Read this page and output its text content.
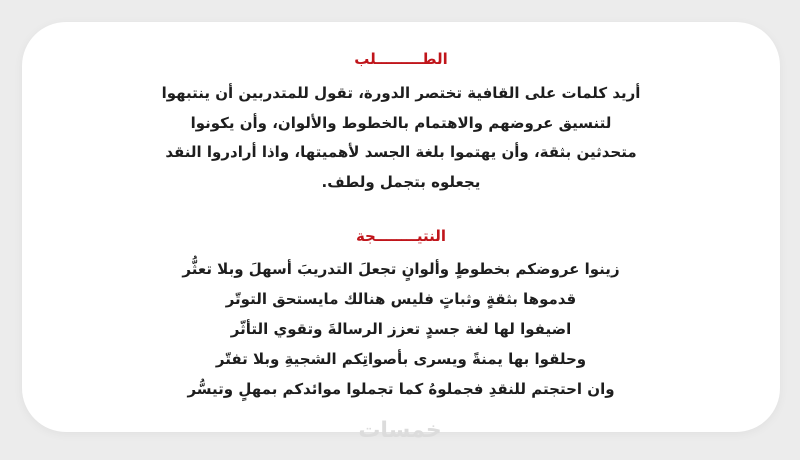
الطـــــــــلب
أريد كلمات على القافية تختصر الدورة، تقول للمتدربين أن ينتبهوا
لتنسيق عروضهم والاهتمام بالخطوط والألوان، وأن يكونوا
متحدثين بثقة، وأن يهتموا بلغة الجسد لأهميتها، واذا أرادروا النقد
يجعلوه بتجمل ولطف.
النتيــــــــجة
زينوا عروضكم بخطوطٍ وألوانٍ تجعلَ التدريبَ أسهلَ وبلا تعثُّر
قدموها بثقةٍ وثباتٍ فليس هنالك مايستحق التوتّر
اضيفوا لها لغة جسدٍ تعزز الرسالةَ وتقوي التأثّر
وحلقوا بها يمنةً ويسرى بأصواتِكم الشجيةِ وبلا تفتّر
وان احتجتم للنقدِ فجملوهُ كما تجملوا موائدكم بمهلٍ وتيسُّر
خمسات
